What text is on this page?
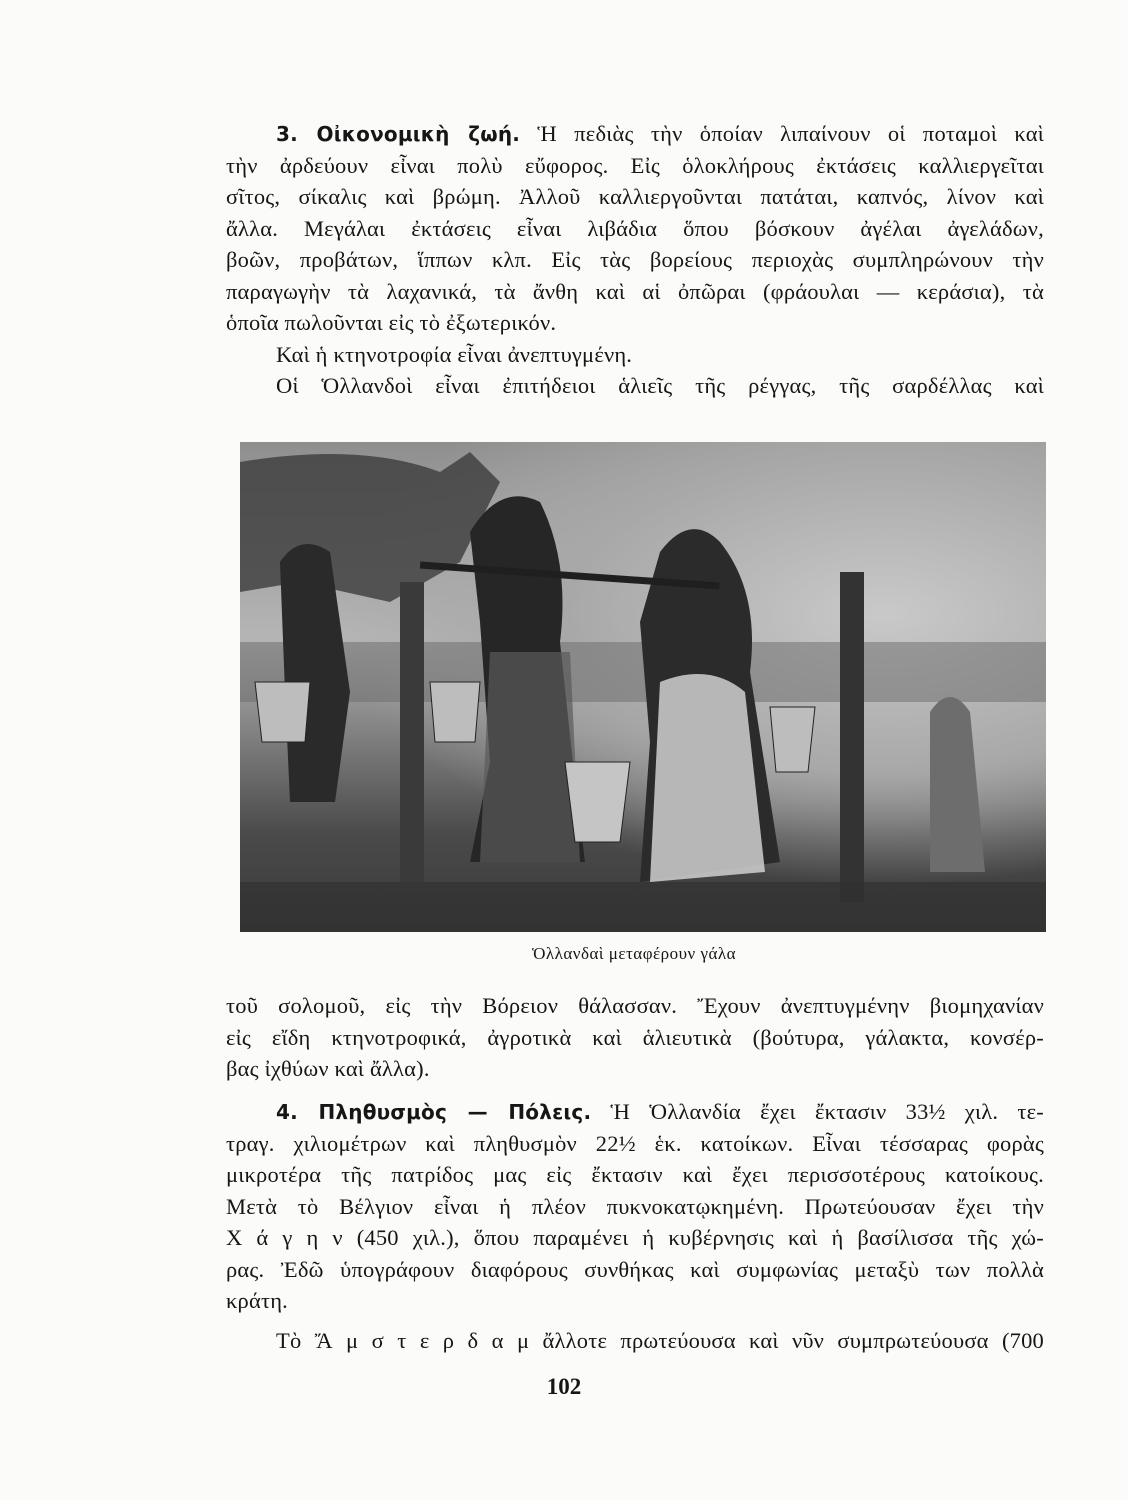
3. Οἰκονομικὴ ζωή. Ἡ πεδιὰς τὴν ὁποίαν λιπαίνουν οἱ ποταμοὶ καὶ
τὴν ἀρδεύουν εἶναι πολὺ εὔφορος. Εἰς ὁλοκλήρους ἐκτάσεις καλλιεργεῖται
σῖτος, σίκαλις καὶ βρώμη. Ἀλλοῦ καλλιεργοῦνται πατάται, καπνός, λίνον καὶ
ἄλλα. Μεγάλαι ἐκτάσεις εἶναι λιβάδια ὅπου βόσκουν ἀγέλαι ἀγελάδων,
βοῶν, προβάτων, ἵππων κλπ. Εἰς τὰς βορείους περιοχὰς συμπληρώνουν τὴν
παραγωγὴν τὰ λαχανικά, τὰ ἄνθη καὶ αἱ ὀπῶραι (φράουλαι — κεράσια), τὰ
ὁποῖα πωλοῦνται εἰς τὸ ἐξωτερικόν.
Καὶ ἡ κτηνοτροφία εἶναι ἀνεπτυγμένη.
Οἱ Ὁλλανδοὶ εἶναι ἐπιτήδειοι ἁλιεῖς τῆς ρέγγας, τῆς σαρδέλλας καὶ
Ὁλλανδαὶ μεταφέρουν γάλα
τοῦ σολομοῦ, εἰς τὴν Βόρειον θάλασσαν. Ἔχουν ἀνεπτυγμένην βιομηχανίαν
εἰς εἴδη κτηνοτροφικά, ἀγροτικὰ καὶ ἁλιευτικὰ (βούτυρα, γάλακτα, κονσέρ-
βας ἰχθύων καὶ ἄλλα).
4. Πληθυσμὸς — Πόλεις. Ἡ Ὁλλανδία ἔχει ἔκτασιν 33½ χιλ. τε-
τραγ. χιλιομέτρων καὶ πληθυσμὸν 22½ ἑκ. κατοίκων. Εἶναι τέσσαρας φορὰς
μικροτέρα τῆς πατρίδος μας εἰς ἔκτασιν καὶ ἔχει περισσοτέρους κατοίκους.
Μετὰ τὸ Βέλγιον εἶναι ἡ πλέον πυκνοκατῳκημένη. Πρωτεύουσαν ἔχει τὴν
Χ ά γ η ν (450 χιλ.), ὅπου παραμένει ἡ κυβέρνησις καὶ ἡ βασίλισσα τῆς χώ-
ρας. Ἐδῶ ὑπογράφουν διαφόρους συνθήκας καὶ συμφωνίας μεταξὺ των πολλὰ
κράτη.
Τὸ Ἄ μ σ τ ε ρ δ α μ ἄλλοτε πρωτεύουσα καὶ νῦν συμπρωτεύουσα (700
102
